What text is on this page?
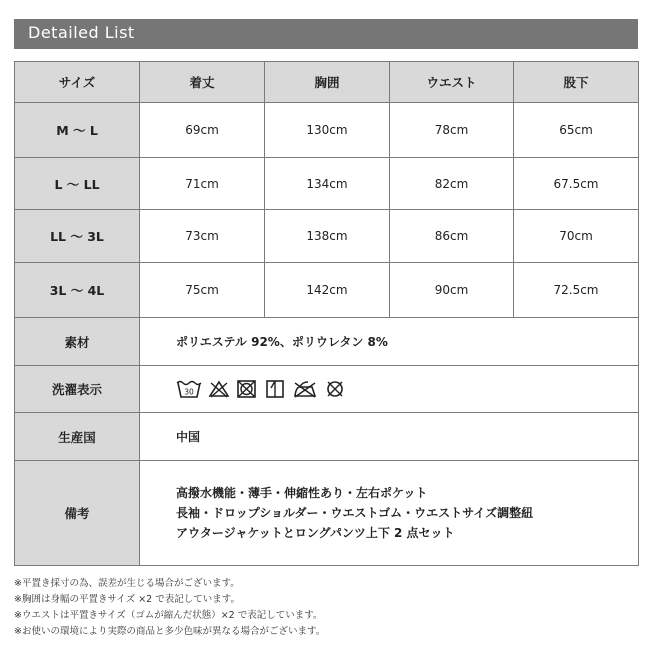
Detailed List
サイズ	着丈	胸囲	ウエスト	股下
M ～ L	69cm	130cm	78cm	65cm
L ～ LL	71cm	134cm	82cm	67.5cm
LL ～ 3L	73cm	138cm	86cm	70cm
3L ～ 4L	75cm	142cm	90cm	72.5cm
素材	ポリエステル 92%、ポリウレタン 8%			
洗濯表示	30			

生産国	中国			
備考	高撥水機能・薄手・伸縮性あり・左右ポケット
長袖・ドロップショルダー・ウエストゴム・ウエストサイズ調整紐
アウタージャケットとロングパンツ上下 2 点セット			
※平置き採寸の為、誤差が生じる場合がございます。
※胸囲は身幅の平置きサイズ ×2 で表記しています。
※ウエストは平置きサイズ（ゴムが縮んだ状態）×2 で表記しています。
※お使いの環境により実際の商品と多少色味が異なる場合がございます。
